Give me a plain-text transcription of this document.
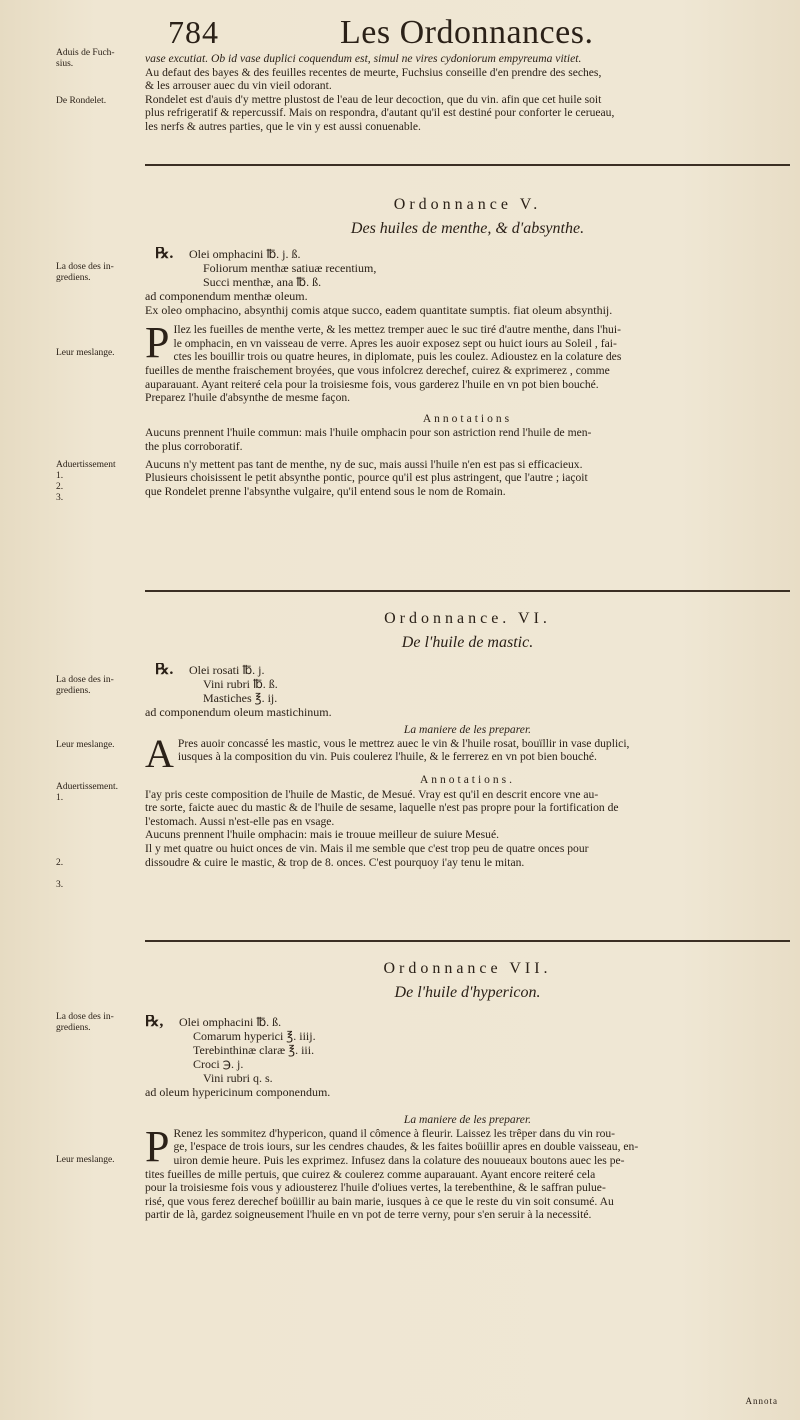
784	Les Ordonnances.
Aduis de Fuch-
sius.
De Rondelet.
La dose des in-
grediens.
Leur meslange.
Aduertissement
1.
2.
3.
La dose des in-
grediens.
Leur meslange.
Aduertissement.
1.
2.
3.
La dose des in-
grediens.
Leur meslange.
vase excutiat. Ob id vase duplici coquendum est, simul ne vires cydoniorum empyreuma vitiet.
Au defaut des bayes & des feuilles recentes de meurte, Fuchsius conseille d'en prendre des seches,
& les arrouser auec du vin vieil odorant.
Rondelet est d'auis d'y mettre plustost de l'eau de leur decoction, que du vin. afin que cet huile soit
plus refrigeratif & repercussif. Mais on respondra, d'autant qu'il est destiné pour conforter le cerueau,
les nerfs & autres parties, que le vin y est aussi conuenable.
Ordonnance V.
Des huiles de menthe, & d'absynthe.
℞. Olei omphacini ℔. j. ß.
Foliorum menthæ satiuæ recentium,
Succi menthæ, ana ℔. ß.
ad componendum menthæ oleum.
Ex oleo omphacino, absynthij comis atque succo, eadem quantitate sumptis. fiat oleum absynthij.
P Ilez les fueilles de menthe verte, & les mettez tremper auec le suc tiré d'autre menthe, dans l'hui-
le omphacin, en vn vaisseau de verre. Apres les auoir exposez sept ou huict iours au Soleil , fai-
ctes les bouillir trois ou quatre heures, in diplomate, puis les coulez. Adioustez en la colature des
fueilles de menthe fraischement broyées, que vous infolcrez derechef, cuirez & exprimerez , comme
auparauant. Ayant reiteré cela pour la troisiesme fois, vous garderez l'huile en vn pot bien bouché.
Preparez l'huile d'absynthe de mesme façon.
Annotations
Aucuns prennent l'huile commun: mais l'huile omphacin pour son astriction rend l'huile de men-
the plus corroboratif.
Aucuns n'y mettent pas tant de menthe, ny de suc, mais aussi l'huile n'en est pas si efficacieux.
Plusieurs choisissent le petit absynthe pontic, pource qu'il est plus astringent, que l'autre ; iaçoit
que Rondelet prenne l'absynthe vulgaire, qu'il entend sous le nom de Romain.
Ordonnance. VI.
De l'huile de mastic.
℞. Olei rosati ℔. j.
Vini rubri ℔. ß.
Mastiches ℥. ij.
ad componendum oleum mastichinum.
La maniere de les preparer.
A Pres auoir concassé les mastic, vous le mettrez auec le vin & l'huile rosat, bouïllir in vase duplici,
iusques à la composition du vin. Puis coulerez l'huile, & le ferrerez en vn pot bien bouché.
Annotations.
I'ay pris ceste composition de l'huile de Mastic, de Mesué. Vray est qu'il en descrit encore vne au-
tre sorte, faicte auec du mastic & de l'huile de sesame, laquelle n'est pas propre pour la fortification de
l'estomach. Aussi n'est-elle pas en vsage.
Aucuns prennent l'huile omphacin: mais ie trouue meilleur de suiure Mesué.
Il y met quatre ou huict onces de vin. Mais il me semble que c'est trop peu de quatre onces pour
dissoudre & cuire le mastic, & trop de 8. onces. C'est pourquoy i'ay tenu le mitan.
Ordonnance VII.
De l'huile d'hypericon.
℞, Olei omphacini ℔. ß.
Comarum hyperici ℥. iiij.
Terebinthinæ claræ ℥. iii.
Croci ℈. j.
Vini rubri q. s.
ad oleum hypericinum componendum.
La maniere de les preparer.
P Renez les sommitez d'hypericon, quand il cômence à fleurir. Laissez les trêper dans du vin rou-
ge, l'espace de trois iours, sur les cendres chaudes, & les faites boüillir apres en double vaisseau, en-
uiron demie heure. Puis les exprimez. Infusez dans la colature des nouueaux boutons auec les pe-
tites fueilles de mille pertuis, que cuirez & coulerez comme auparauant. Ayant encore reiteré cela
pour la troisiesme fois vous y adiousterez l'huile d'oliues vertes, la terebenthine, & le saffran pulue-
risé, que vous ferez derechef boüillir au bain marie, iusques à ce que le reste du vin soit consumé. Au
partir de là, gardez soigneusement l'huile en vn pot de terre verny, pour s'en seruir à la necessité.
Annota
